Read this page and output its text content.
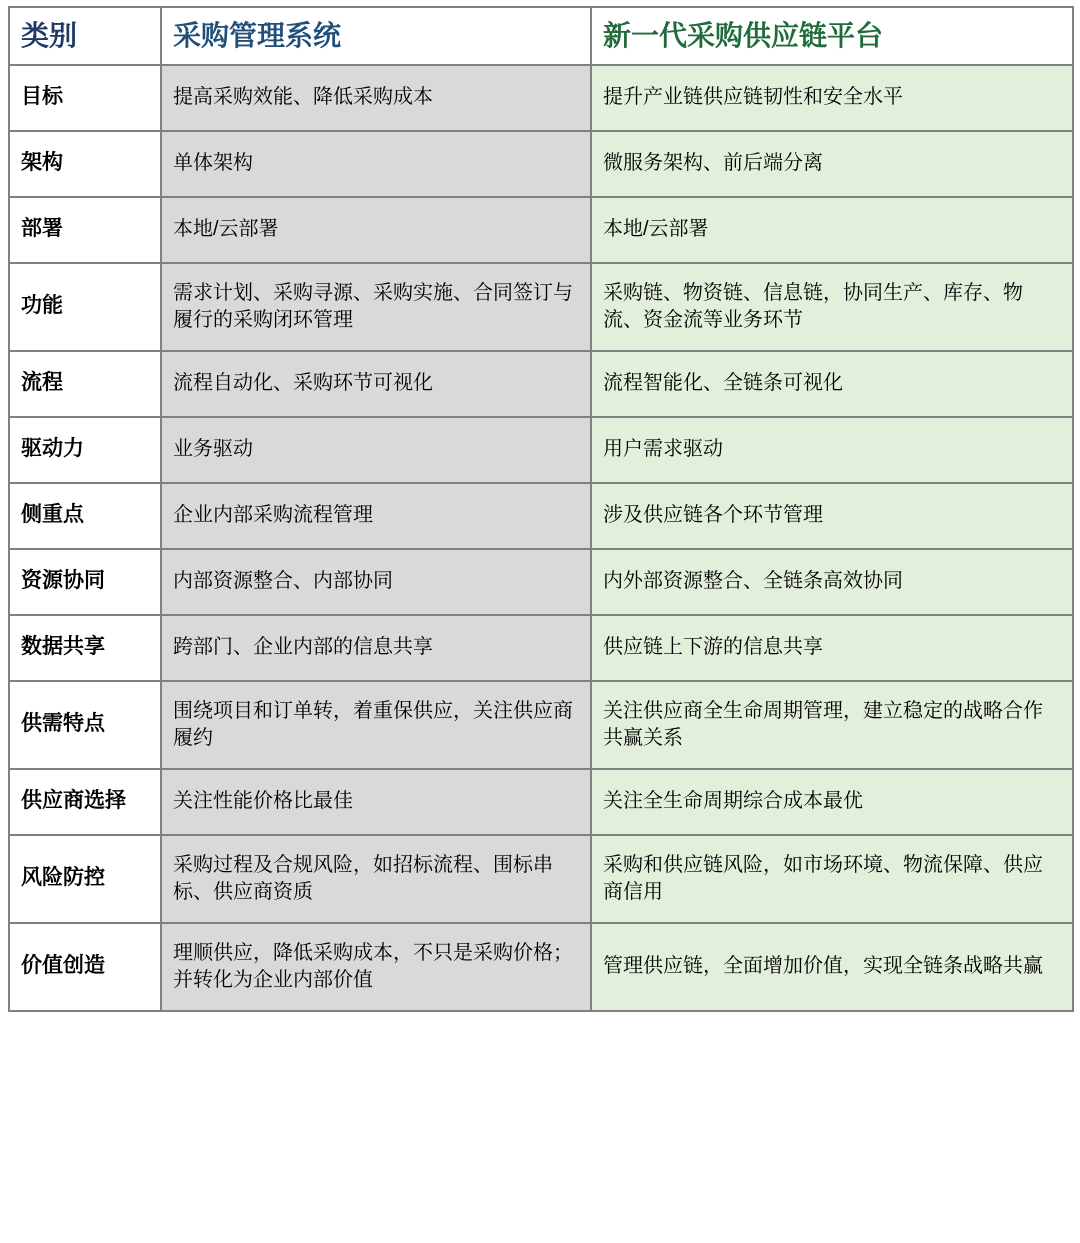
类别	采购管理系统	新一代采购供应链平台
目标	提高采购效能、降低采购成本	提升产业链供应链韧性和安全水平
架构	单体架构	微服务架构、前后端分离
部署	本地/云部署	本地/云部署
功能	需求计划、采购寻源、采购实施、合同签订与履行的采购闭环管理	采购链、物资链、信息链，协同生产、库存、物流、资金流等业务环节
流程	流程自动化、采购环节可视化	流程智能化、全链条可视化
驱动力	业务驱动	用户需求驱动
侧重点	企业内部采购流程管理	涉及供应链各个环节管理
资源协同	内部资源整合、内部协同	内外部资源整合、全链条高效协同
数据共享	跨部门、企业内部的信息共享	供应链上下游的信息共享
供需特点	围绕项目和订单转，着重保供应，关注供应商履约	关注供应商全生命周期管理，建立稳定的战略合作共赢关系
供应商选择	关注性能价格比最佳	关注全生命周期综合成本最优
风险防控	采购过程及合规风险，如招标流程、围标串标、供应商资质	采购和供应链风险，如市场环境、物流保障、供应商信用
价值创造	理顺供应，降低采购成本，不只是采购价格；并转化为企业内部价值	管理供应链，全面增加价值，实现全链条战略共赢
